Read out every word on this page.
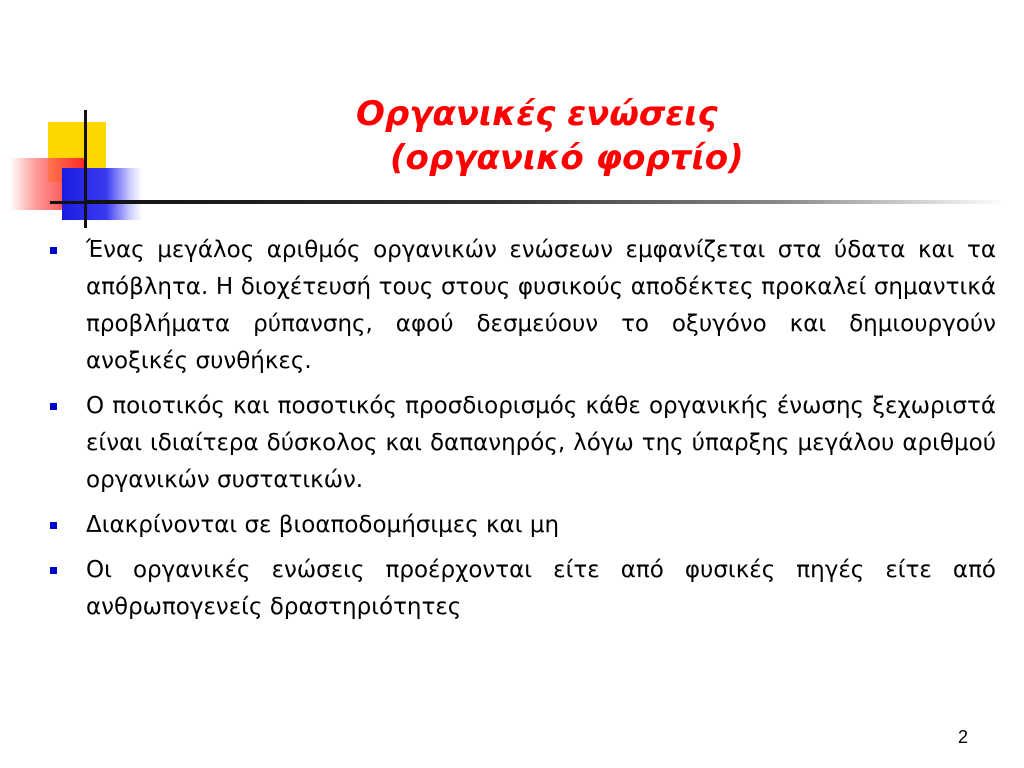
Οργανικές ενώσεις
(οργανικό φορτίο)
Ένας μεγάλος αριθμός οργανικών ενώσεων εμφανίζεται στα ύδατα και τα απόβλητα. Η διοχέτευσή τους στους φυσικούς αποδέκτες προκαλεί σημαντικά προβλήματα ρύπανσης, αφού δεσμεύουν το οξυγόνο και δημιουργούν ανοξικές συνθήκες.
Ο ποιοτικός και ποσοτικός προσδιορισμός κάθε οργανικής ένωσης ξεχωριστά είναι ιδιαίτερα δύσκολος και δαπανηρός, λόγω της ύπαρξης μεγάλου αριθμού οργανικών συστατικών.
Διακρίνονται σε βιοαποδομήσιμες και μη
Οι οργανικές ενώσεις προέρχονται είτε από φυσικές πηγές είτε από ανθρωπογενείς δραστηριότητες
2
